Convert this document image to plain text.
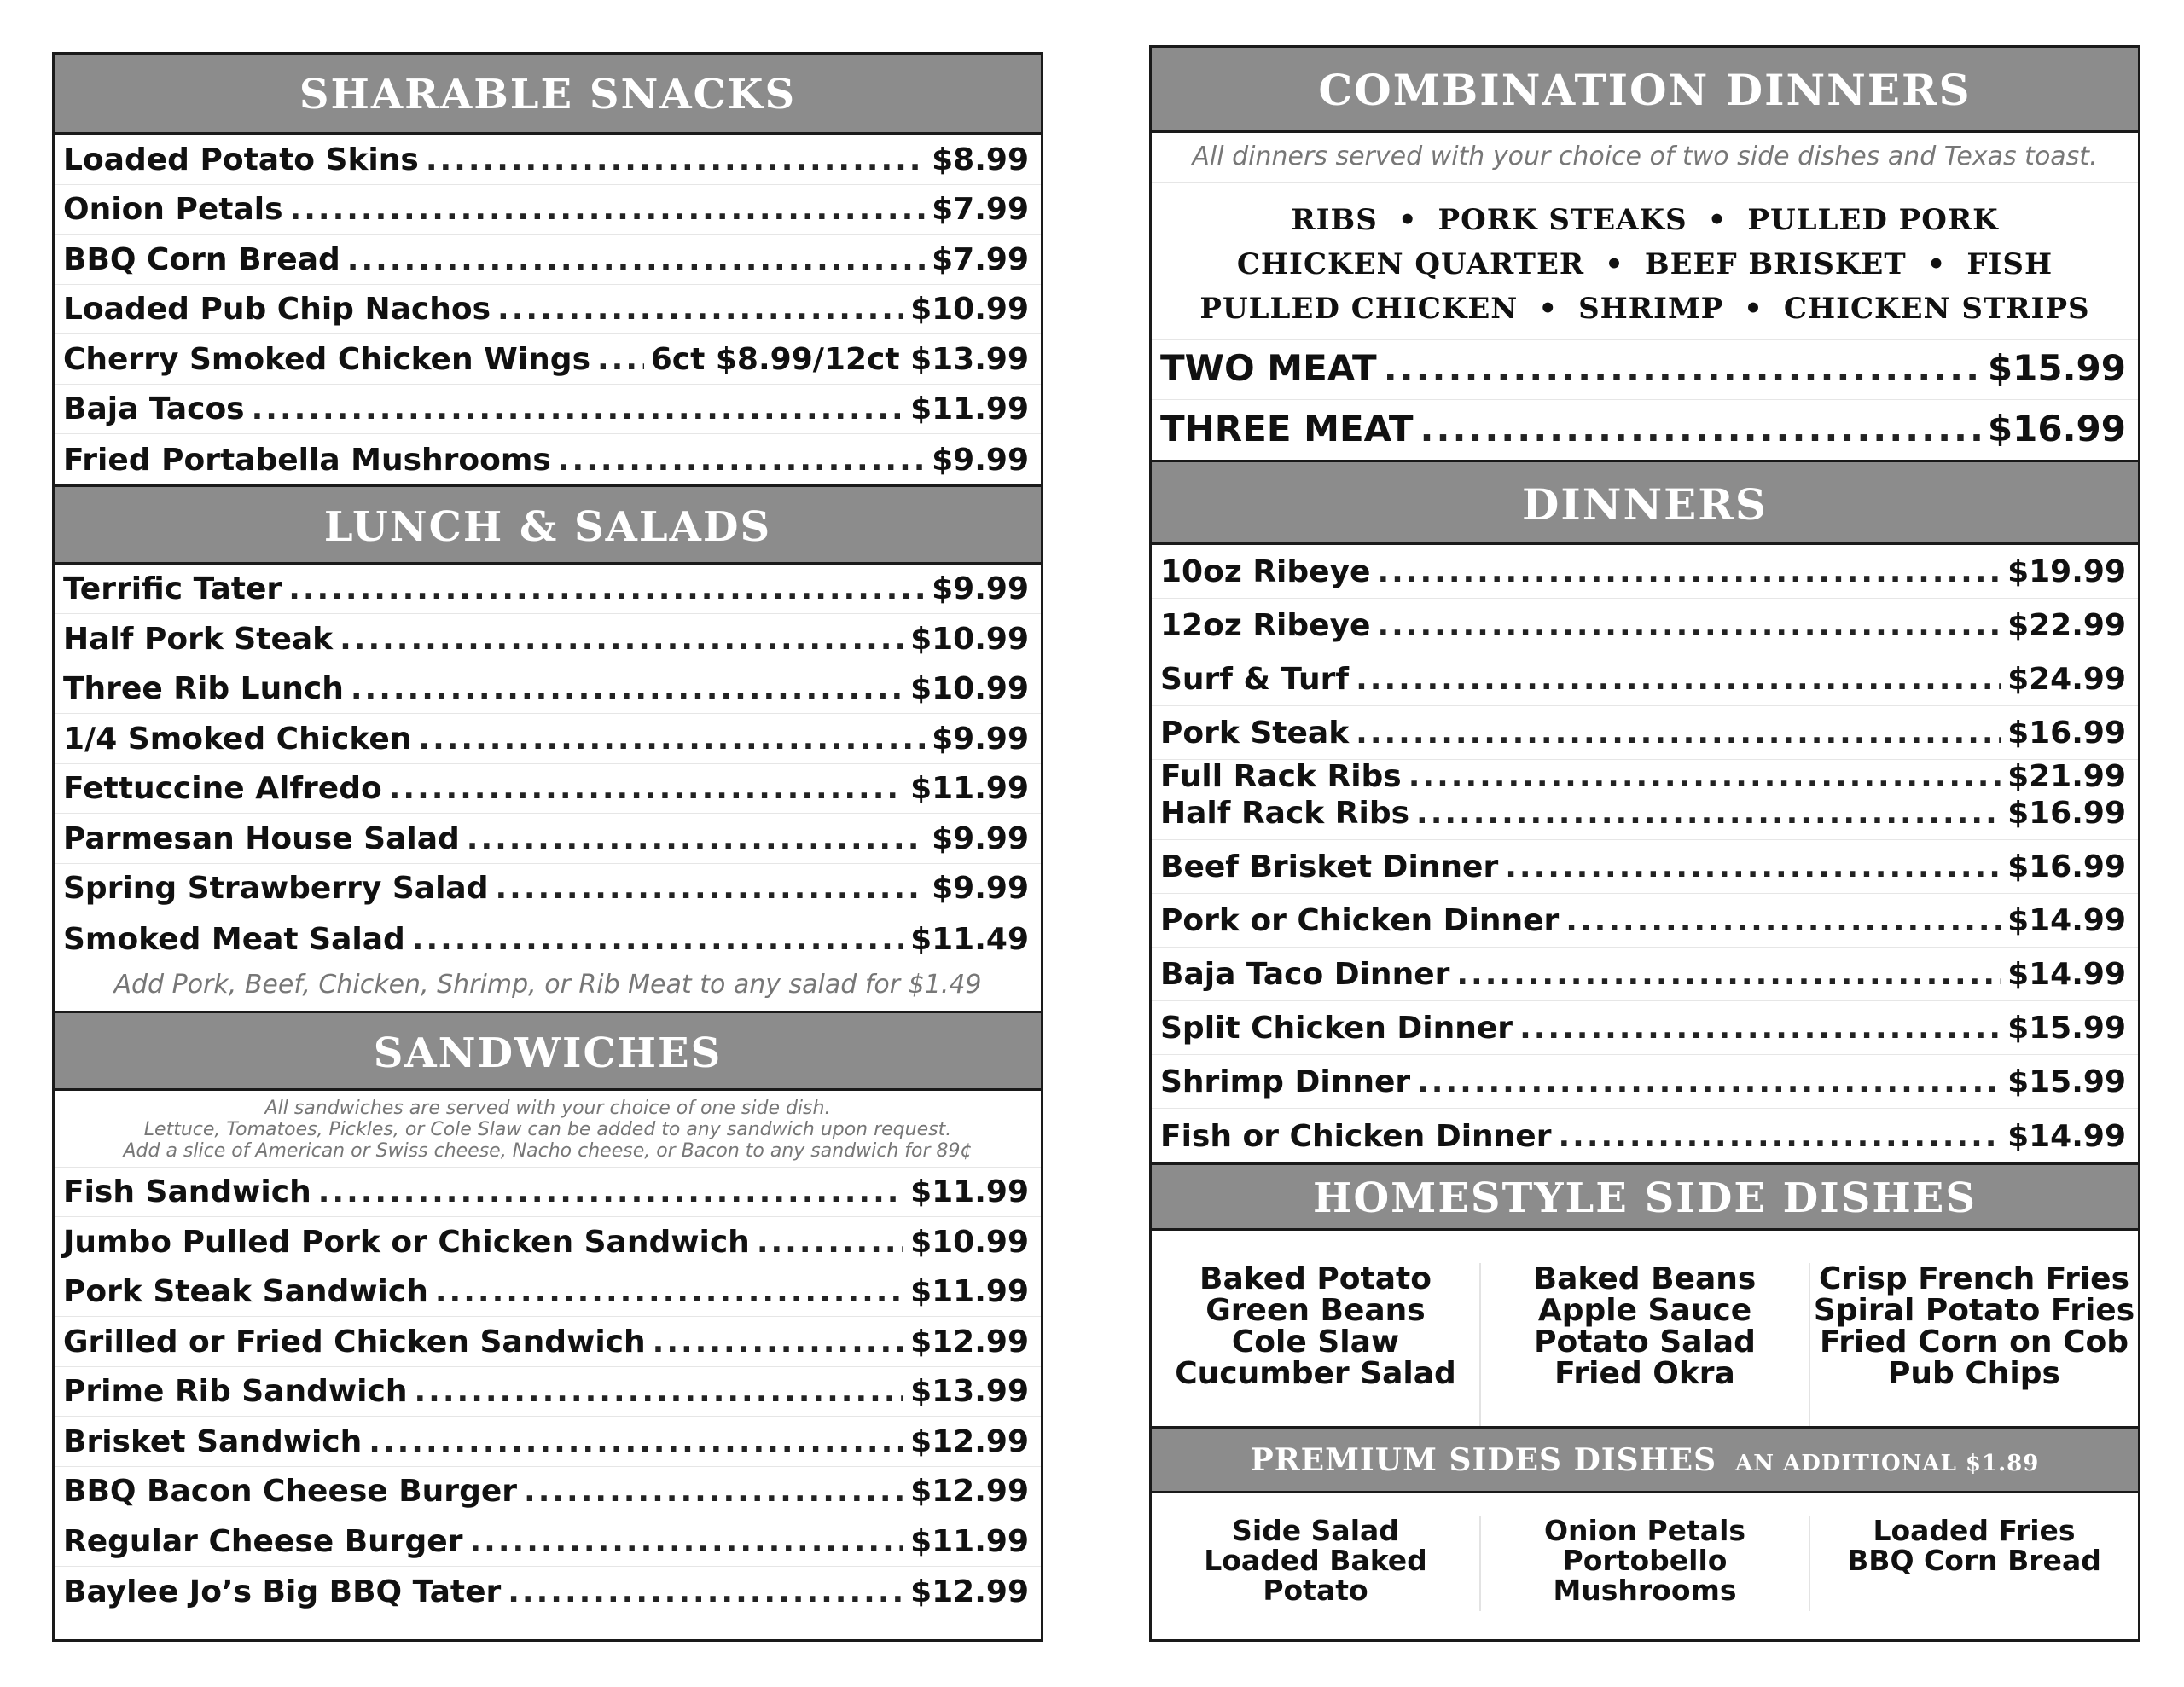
SHARABLE SNACKS
Loaded Potato Skins .....	$8.99
Onion Petals .....	$7.99
BBQ Corn Bread .....	$7.99
Loaded Pub Chip Nachos .....	$10.99
Cherry Smoked Chicken Wings ..... 6ct $8.99/12ct $13.99
Baja Tacos .....	$11.99
Fried Portabella Mushrooms .....	$9.99
LUNCH & SALADS
Terrific Tater .....	$9.99
Half Pork Steak .....	$10.99
Three Rib Lunch .....	$10.99
1/4 Smoked Chicken .....	$9.99
Fettuccine Alfredo .....	$11.99
Parmesan House Salad .....	$9.99
Spring Strawberry Salad .....	$9.99
Smoked Meat Salad .....	$11.49
Add Pork, Beef, Chicken, Shrimp, or Rib Meat to any salad for $1.49
SANDWICHES
All sandwiches are served with your choice of one side dish.
Lettuce, Tomatoes, Pickles, or Cole Slaw can be added to any sandwich upon request.
Add a slice of American or Swiss cheese, Nacho cheese, or Bacon to any sandwich for 89¢
Fish Sandwich .....	$11.99
Jumbo Pulled Pork or Chicken Sandwich .....	$10.99
Pork Steak Sandwich .....	$11.99
Grilled or Fried Chicken Sandwich .....	$12.99
Prime Rib Sandwich .....	$13.99
Brisket Sandwich .....	$12.99
BBQ Bacon Cheese Burger .....	$12.99
Regular Cheese Burger .....	$11.99
Baylee Jo’s Big BBQ Tater .....	$12.99
COMBINATION DINNERS
All dinners served with your choice of two side dishes and Texas toast.
RIBS • PORK STEAKS • PULLED PORK
CHICKEN QUARTER • BEEF BRISKET • FISH
PULLED CHICKEN • SHRIMP • CHICKEN STRIPS
TWO MEAT .....	$15.99
THREE MEAT .....	$16.99
DINNERS
10oz Ribeye .....	$19.99
12oz Ribeye .....	$22.99
Surf & Turf .....	$24.99
Pork Steak .....	$16.99
Full Rack Ribs .....	$21.99
Half Rack Ribs .....	$16.99
Beef Brisket Dinner .....	$16.99
Pork or Chicken Dinner .....	$14.99
Baja Taco Dinner .....	$14.99
Split Chicken Dinner .....	$15.99
Shrimp Dinner .....	$15.99
Fish or Chicken Dinner .....	$14.99
HOMESTYLE SIDE DISHES
Baked Potato
Green Beans
Cole Slaw
Cucumber Salad
Baked Beans
Apple Sauce
Potato Salad
Fried Okra
Crisp French Fries
Spiral Potato Fries
Fried Corn on Cob
Pub Chips
PREMIUM SIDES DISHES AN ADDITIONAL $1.89
Side Salad
Loaded Baked Potato
Onion Petals
Portobello Mushrooms
Loaded Fries
BBQ Corn Bread
